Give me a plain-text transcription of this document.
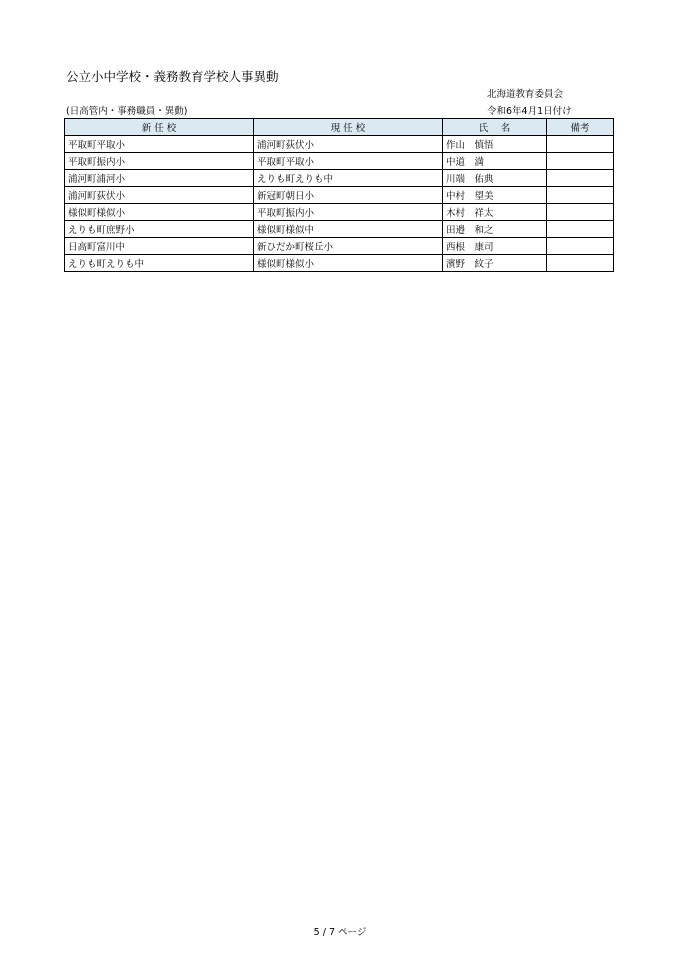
公立小中学校・義務教育学校人事異動
北海道教育委員会
(日高管内・事務職員・異動)	令和6年4月1日付け
新 任 校	現 任 校	氏　 名	備考
平取町平取小	浦河町荻伏小	作山　慎悟	
平取町振内小	平取町平取小	中道　満	
浦河町浦河小	えりも町えりも中	川端　佑典	
浦河町荻伏小	新冠町朝日小	中村　望美	
様似町様似小	平取町振内小	木村　祥太	
えりも町庶野小	様似町様似中	田邉　和之	
日高町富川中	新ひだか町桜丘小	西根　康司	
えりも町えりも中	様似町様似小	濱野　紋子	
5 / 7 ページ
